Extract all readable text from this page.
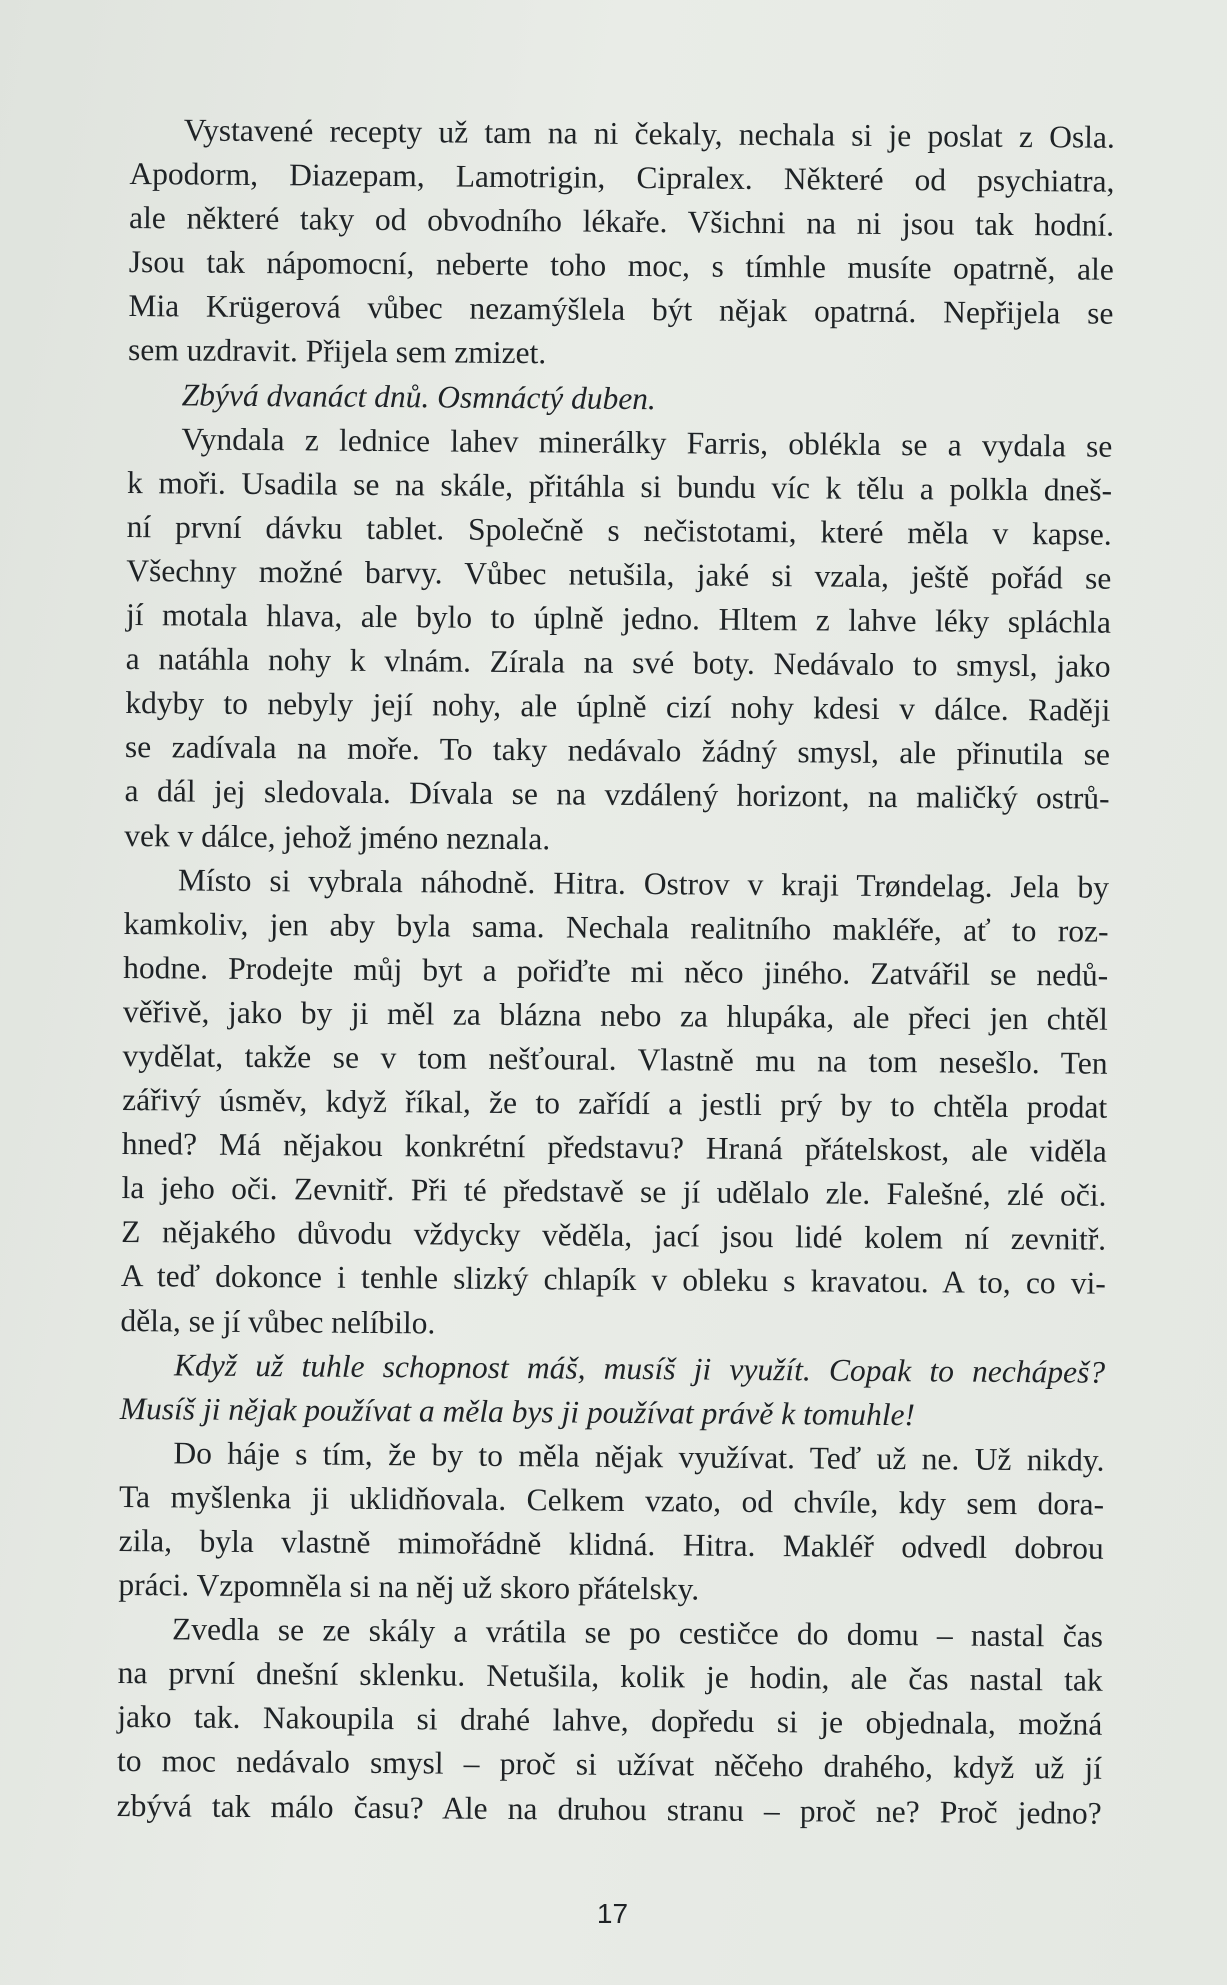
Vystavené recepty už tam na ni čekaly, nechala si je poslat z Osla.
Apodorm, Diazepam, Lamotrigin, Cipralex. Některé od psychiatra,
ale některé taky od obvodního lékaře. Všichni na ni jsou tak hodní.
Jsou tak nápomocní, neberte toho moc, s tímhle musíte opatrně, ale
Mia Krügerová vůbec nezamýšlela být nějak opatrná. Nepřijela se
sem uzdravit. Přijela sem zmizet.
Zbývá dvanáct dnů. Osmnáctý duben.
Vyndala z lednice lahev minerálky Farris, oblékla se a vydala se
k moři. Usadila se na skále, přitáhla si bundu víc k tělu a polkla dneš-
ní první dávku tablet. Společně s nečistotami, které měla v kapse.
Všechny možné barvy. Vůbec netušila, jaké si vzala, ještě pořád se
jí motala hlava, ale bylo to úplně jedno. Hltem z lahve léky spláchla
a natáhla nohy k vlnám. Zírala na své boty. Nedávalo to smysl, jako
kdyby to nebyly její nohy, ale úplně cizí nohy kdesi v dálce. Raději
se zadívala na moře. To taky nedávalo žádný smysl, ale přinutila se
a dál jej sledovala. Dívala se na vzdálený horizont, na maličký ostrů-
vek v dálce, jehož jméno neznala.
Místo si vybrala náhodně. Hitra. Ostrov v kraji Trøndelag. Jela by
kamkoliv, jen aby byla sama. Nechala realitního makléře, ať to roz-
hodne. Prodejte můj byt a pořiďte mi něco jiného. Zatvářil se nedů-
věřivě, jako by ji měl za blázna nebo za hlupáka, ale přeci jen chtěl
vydělat, takže se v tom nešťoural. Vlastně mu na tom nesešlo. Ten
zářivý úsměv, když říkal, že to zařídí a jestli prý by to chtěla prodat
hned? Má nějakou konkrétní představu? Hraná přátelskost, ale viděla
la jeho oči. Zevnitř. Při té představě se jí udělalo zle. Falešné, zlé oči.
Z nějakého důvodu vždycky věděla, jací jsou lidé kolem ní zevnitř.
A teď dokonce i tenhle slizký chlapík v obleku s kravatou. A to, co vi-
děla, se jí vůbec nelíbilo.
Když už tuhle schopnost máš, musíš ji využít. Copak to nechápeš?
Musíš ji nějak používat a měla bys ji používat právě k tomuhle!
Do háje s tím, že by to měla nějak využívat. Teď už ne. Už nikdy.
Ta myšlenka ji uklidňovala. Celkem vzato, od chvíle, kdy sem dora-
zila, byla vlastně mimořádně klidná. Hitra. Makléř odvedl dobrou
práci. Vzpomněla si na něj už skoro přátelsky.
Zvedla se ze skály a vrátila se po cestičce do domu – nastal čas
na první dnešní sklenku. Netušila, kolik je hodin, ale čas nastal tak
jako tak. Nakoupila si drahé lahve, dopředu si je objednala, možná
to moc nedávalo smysl – proč si užívat něčeho drahého, když už jí
zbývá tak málo času? Ale na druhou stranu – proč ne? Proč jedno?
17
